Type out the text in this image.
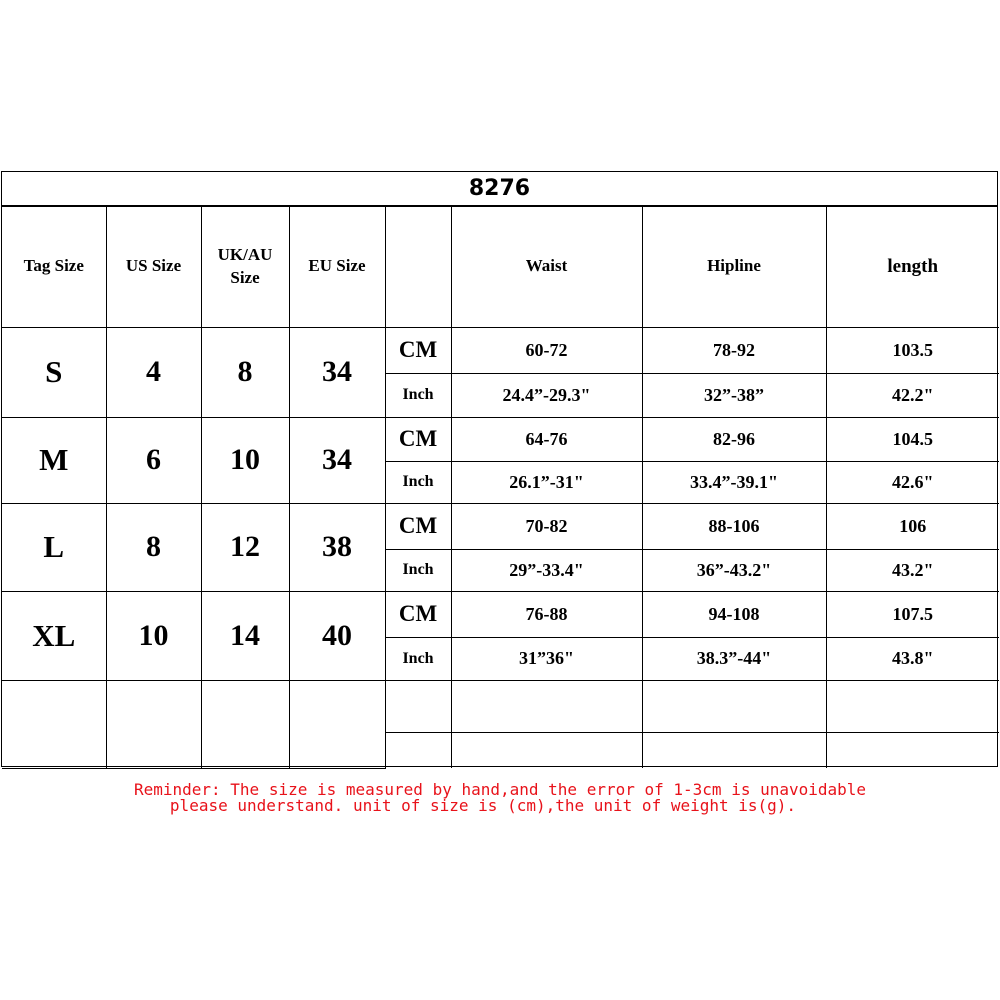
8276
Tag Size	US Size	UK/AU Size	EU Size		Waist	Hipline	length
S	4	8	34	CM	60-72	78-92	103.5
				Inch	24.4”-29.3"	32”-38”	42.2"
M	6	10	34	CM	64-76	82-96	104.5
				Inch	26.1”-31"	33.4”-39.1"	42.6"
L	8	12	38	CM	70-82	88-106	106
				Inch	29”-33.4"	36”-43.2"	43.2"
XL	10	14	40	CM	76-88	94-108	107.5
				Inch	31”36"	38.3”-44"	43.8"

Reminder: The size is measured by hand,and the error of 1-3cm is unavoidable

please understand. unit of size is (cm),the unit of weight is(g).
